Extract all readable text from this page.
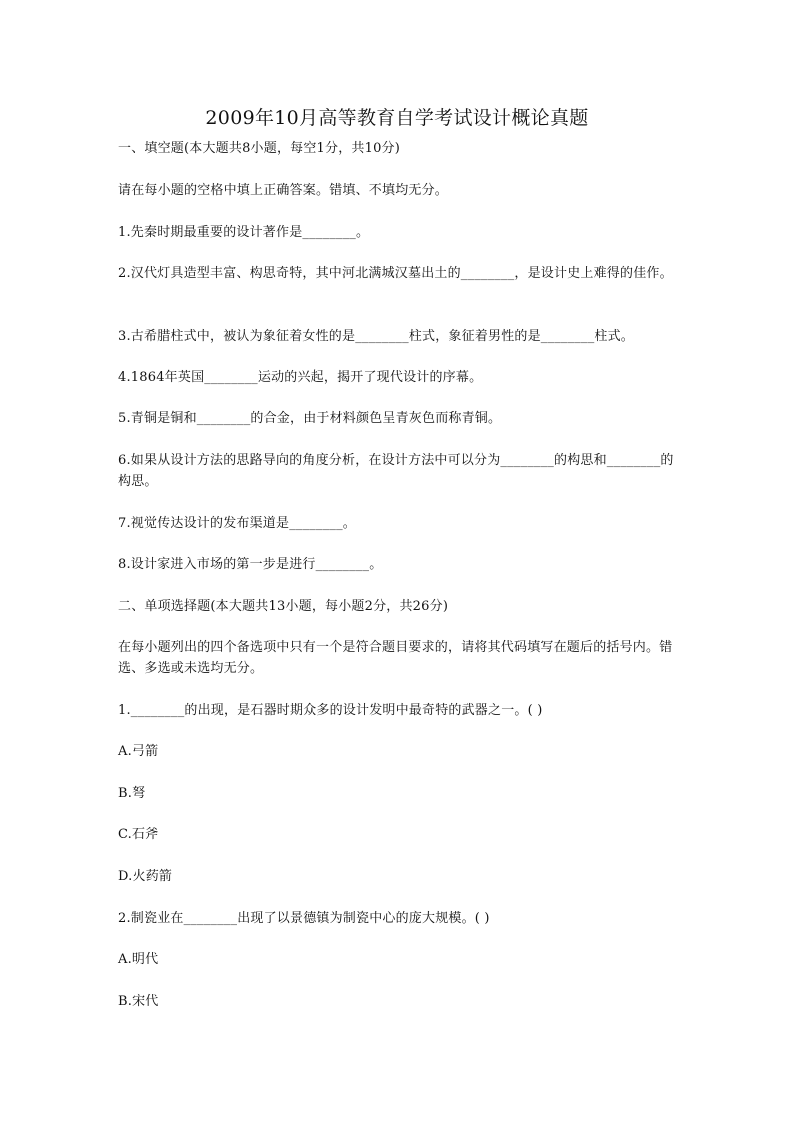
2009年10月高等教育自学考试设计概论真题
一、填空题(本大题共8小题，每空1分，共10分)
请在每小题的空格中填上正确答案。错填、不填均无分。
1.先秦时期最重要的设计著作是________。
2.汉代灯具造型丰富、构思奇特，其中河北满城汉墓出土的________，是设计史上难得的佳作。
3.古希腊柱式中，被认为象征着女性的是________柱式，象征着男性的是________柱式。
4.1864年英国________运动的兴起，揭开了现代设计的序幕。
5.青铜是铜和________的合金，由于材料颜色呈青灰色而称青铜。
6.如果从设计方法的思路导向的角度分析，在设计方法中可以分为________的构思和________的构思。
7.视觉传达设计的发布渠道是________。
8.设计家进入市场的第一步是进行________。
二、单项选择题(本大题共13小题，每小题2分，共26分)
在每小题列出的四个备选项中只有一个是符合题目要求的，请将其代码填写在题后的括号内。错选、多选或未选均无分。
1.________的出现，是石器时期众多的设计发明中最奇特的武器之一。( )
A.弓箭
B.弩
C.石斧
D.火药箭
2.制瓷业在________出现了以景德镇为制瓷中心的庞大规模。( )
A.明代
B.宋代
